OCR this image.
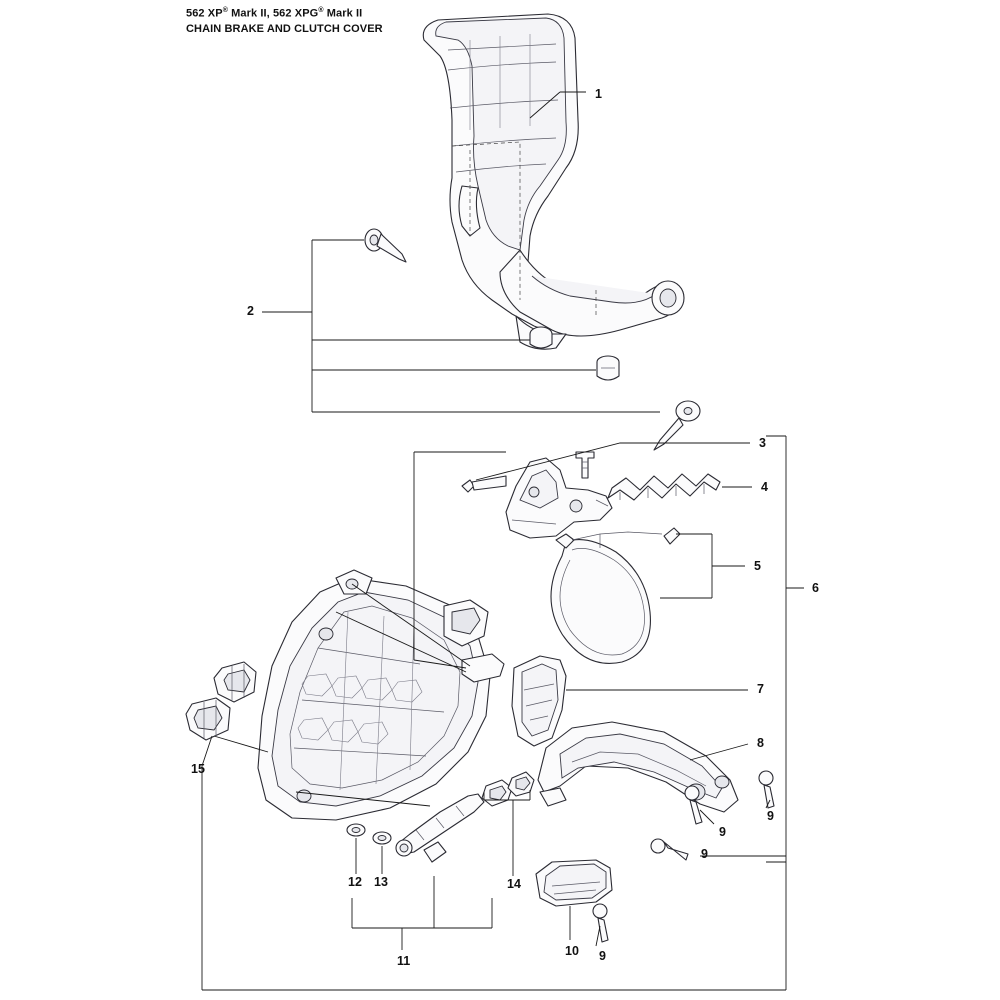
562 XP® Mark II, 562 XPG® Mark II
CHAIN BRAKE AND CLUTCH COVER
1
2
3
4
5
6
7
8
9
9
9
9
10
11
12 13	14
15
